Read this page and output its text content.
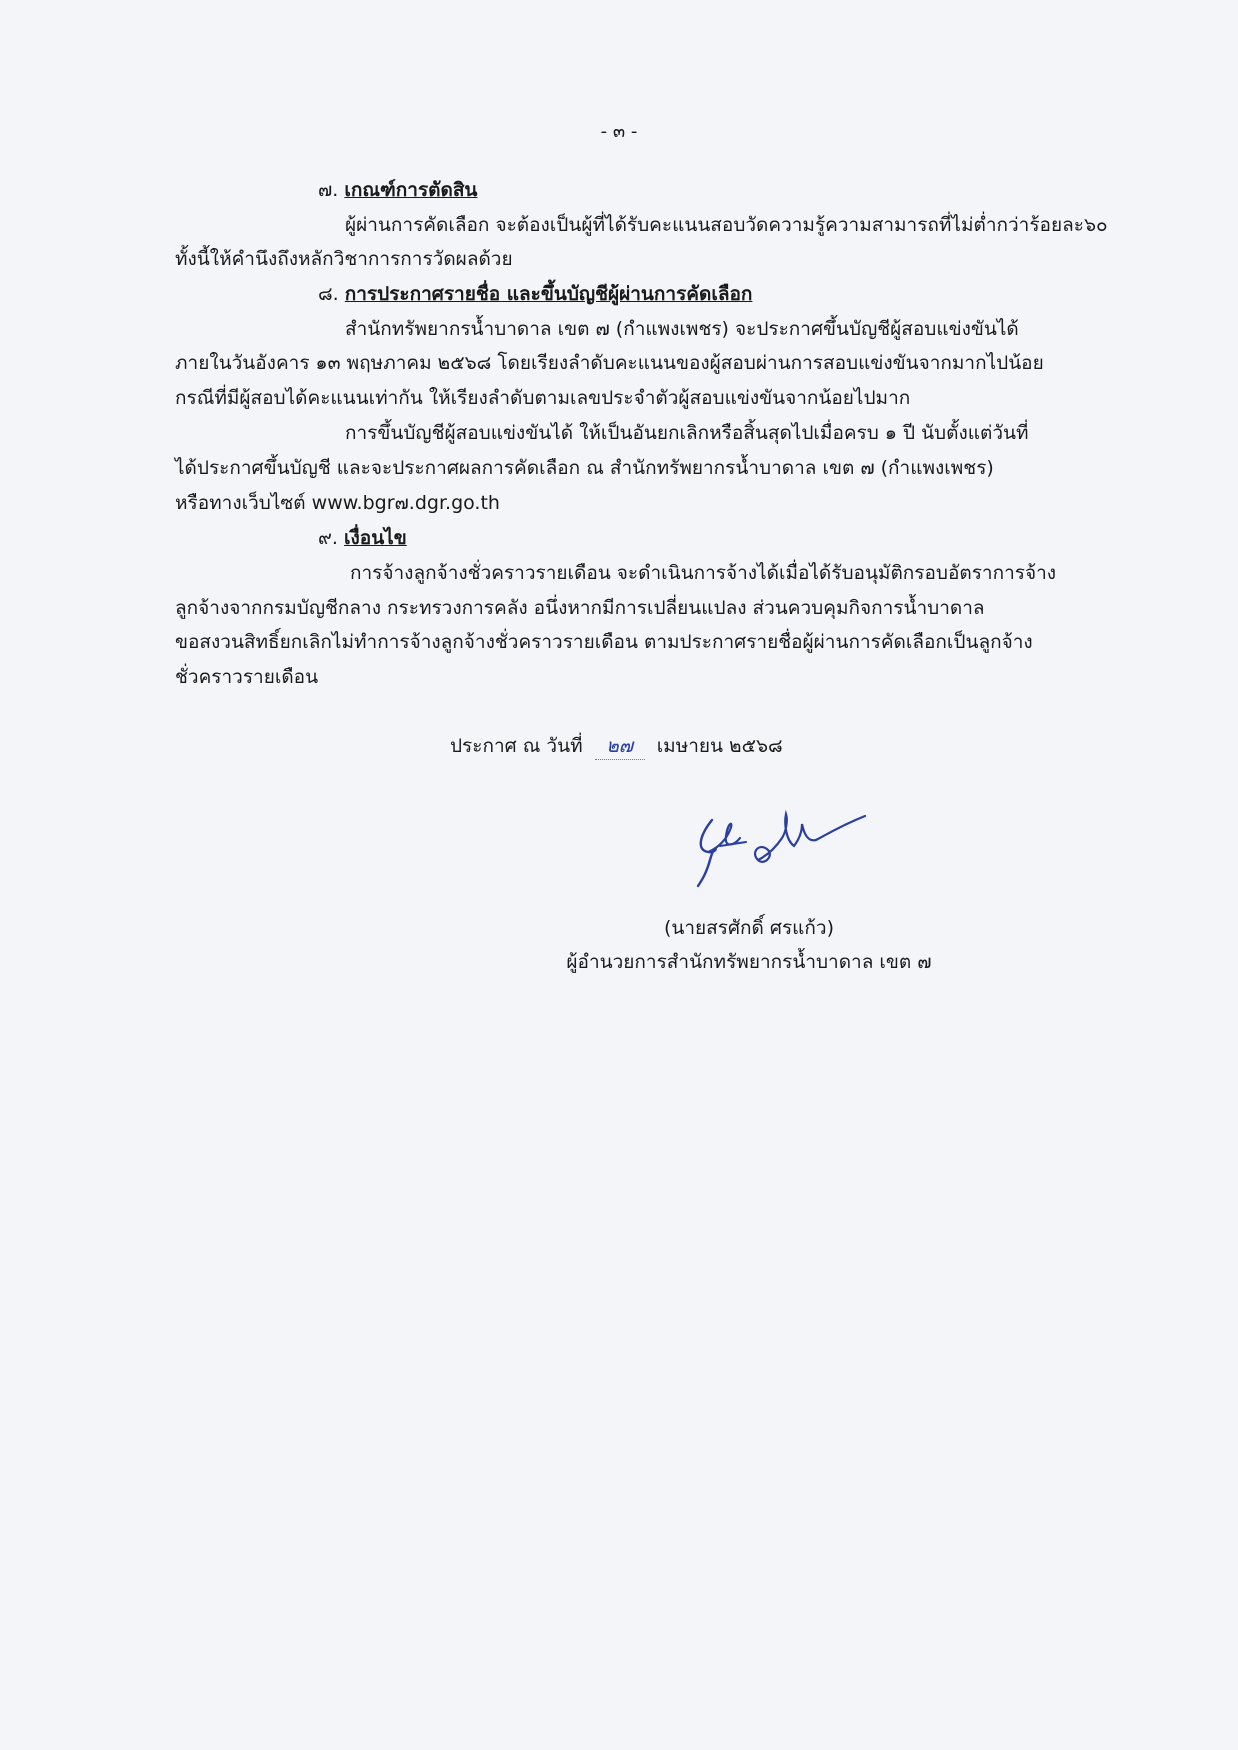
- ๓ -
๗. เกณฑ์การตัดสิน
ผู้ผ่านการคัดเลือก จะต้องเป็นผู้ที่ได้รับคะแนนสอบวัดความรู้ความสามารถที่ไม่ต่ำกว่าร้อยละ๖๐
ทั้งนี้ให้คำนึงถึงหลักวิชาการการวัดผลด้วย
๘. การประกาศรายชื่อ และขึ้นบัญชีผู้ผ่านการคัดเลือก
สำนักทรัพยากรน้ำบาดาล เขต ๗ (กำแพงเพชร) จะประกาศขึ้นบัญชีผู้สอบแข่งขันได้
ภายในวันอังคาร ๑๓ พฤษภาคม ๒๕๖๘ โดยเรียงลำดับคะแนนของผู้สอบผ่านการสอบแข่งขันจากมากไปน้อย
กรณีที่มีผู้สอบได้คะแนนเท่ากัน ให้เรียงลำดับตามเลขประจำตัวผู้สอบแข่งขันจากน้อยไปมาก
การขึ้นบัญชีผู้สอบแข่งขันได้ ให้เป็นอันยกเลิกหรือสิ้นสุดไปเมื่อครบ ๑ ปี นับตั้งแต่วันที่
ได้ประกาศขึ้นบัญชี และจะประกาศผลการคัดเลือก ณ สำนักทรัพยากรน้ำบาดาล เขต ๗ (กำแพงเพชร)
หรือทางเว็บไซต์ www.bgr๗.dgr.go.th
๙. เงื่อนไข
การจ้างลูกจ้างชั่วคราวรายเดือน จะดำเนินการจ้างได้เมื่อได้รับอนุมัติกรอบอัตราการจ้าง
ลูกจ้างจากกรมบัญชีกลาง กระทรวงการคลัง อนึ่งหากมีการเปลี่ยนแปลง ส่วนควบคุมกิจการน้ำบาดาล
ขอสงวนสิทธิ์ยกเลิกไม่ทำการจ้างลูกจ้างชั่วคราวรายเดือน ตามประกาศรายชื่อผู้ผ่านการคัดเลือกเป็นลูกจ้าง
ชั่วคราวรายเดือน
ประกาศ ณ วันที่ ๒๗ เมษายน ๒๕๖๘
(นายสรศักดิ์ ศรแก้ว)
ผู้อำนวยการสำนักทรัพยากรน้ำบาดาล เขต ๗
